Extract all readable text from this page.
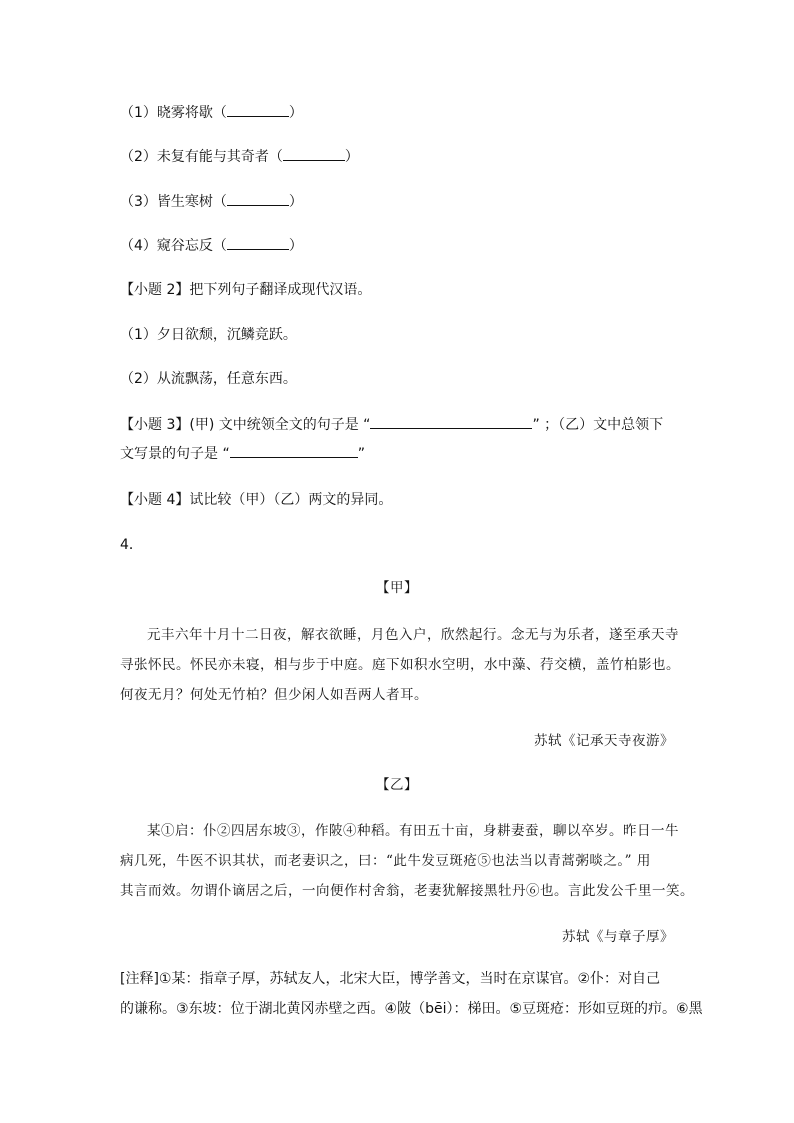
（1）晓雾将歇（	）
（2）未复有能与其奇者（	）
（3）皆生寒树（	）
（4）窥谷忘反（	）
【小题 2】把下列句子翻译成现代汉语。
（1）夕日欲颓，沉鳞竞跃。
（2）从流飘荡，任意东西。
【小题 3】(甲) 文中统领全文的句子是 “	” ；（乙）文中总领下
文写景的句子是 “	”
【小题 4】试比较（甲）（乙）两文的异同。
4．
【甲】
元丰六年十月十二日夜，解衣欲睡，月色入户，欣然起行。念无与为乐者，遂至承天寺
寻张怀民。怀民亦未寝，相与步于中庭。庭下如积水空明，水中藻、荇交横，盖竹柏影也。
何夜无月？何处无竹柏？但少闲人如吾两人者耳。
苏轼《记承天寺夜游》
【乙】
某①启：仆②四居东坡③，作陂④种稻。有田五十亩，身耕妻蚕，聊以卒岁。昨日一牛
病几死，牛医不识其状，而老妻识之，曰：“此牛发豆斑疮⑤也法当以青蒿粥啖之。” 用
其言而效。勿谓仆谪居之后，一向便作村舍翁，老妻犹解接黑牡丹⑥也。言此发公千里一笑。
苏轼《与章子厚》
[注释]①某：指章子厚，苏轼友人，北宋大臣，博学善文，当时在京谋官。②仆：对自己
的谦称。③东坡：位于湖北黄冈赤壁之西。④陂（bēi）：梯田。⑤豆斑疮：形如豆斑的疖。⑥黑
